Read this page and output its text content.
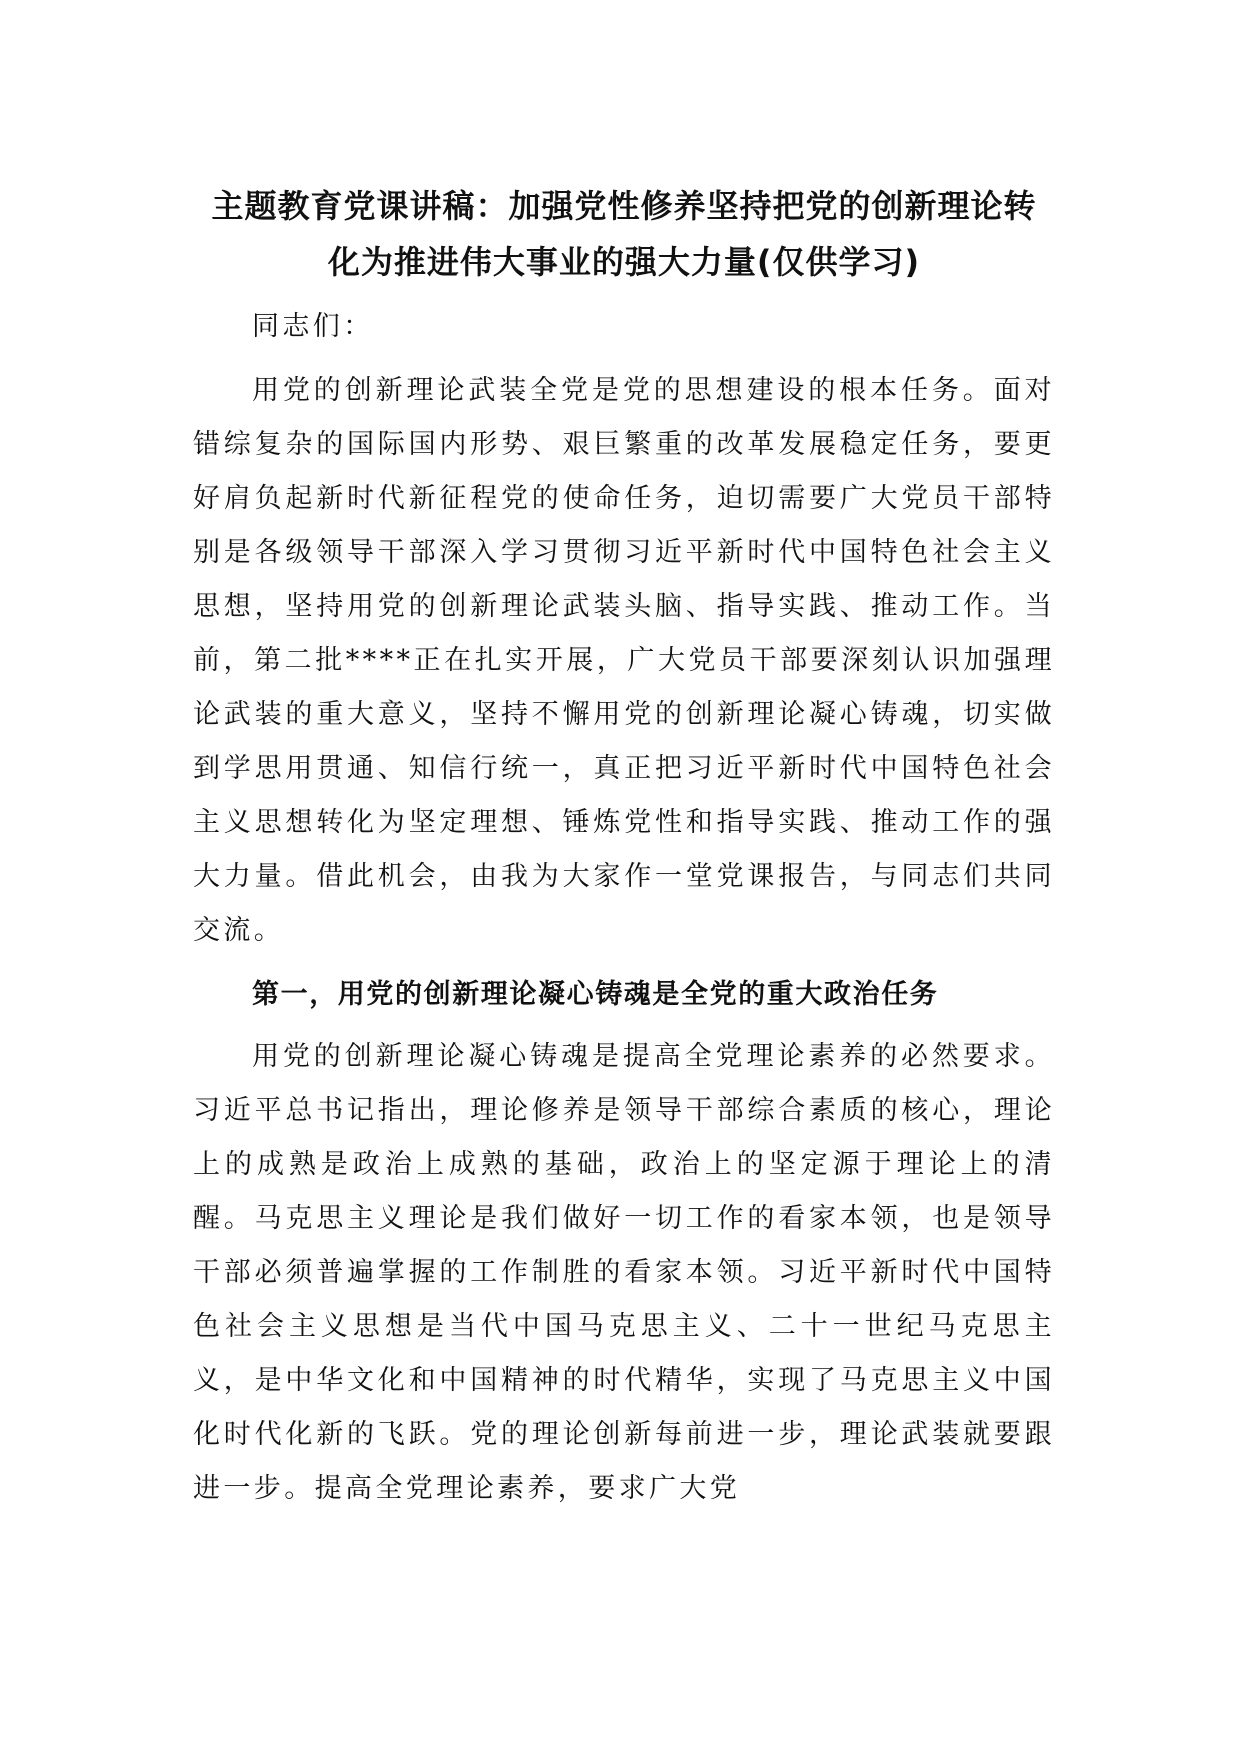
主题教育党课讲稿：加强党性修养坚持把党的创新理论转
化为推进伟大事业的强大力量(仅供学习)

同志们：

用党的创新理论武装全党是党的思想建设的根本任务。面对错综复杂的国际国内形势、艰巨繁重的改革发展稳定任务，要更好肩负起新时代新征程党的使命任务，迫切需要广大党员干部特别是各级领导干部深入学习贯彻习近平新时代中国特色社会主义思想，坚持用党的创新理论武装头脑、指导实践、推动工作。当前，第二批****正在扎实开展，广大党员干部要深刻认识加强理论武装的重大意义，坚持不懈用党的创新理论凝心铸魂，切实做到学思用贯通、知信行统一，真正把习近平新时代中国特色社会主义思想转化为坚定理想、锤炼党性和指导实践、推动工作的强大力量。借此机会，由我为大家作一堂党课报告，与同志们共同交流。

第一，用党的创新理论凝心铸魂是全党的重大政治任务

用党的创新理论凝心铸魂是提高全党理论素养的必然要求。习近平总书记指出，理论修养是领导干部综合素质的核心，理论上的成熟是政治上成熟的基础，政治上的坚定源于理论上的清醒。马克思主义理论是我们做好一切工作的看家本领，也是领导干部必须普遍掌握的工作制胜的看家本领。习近平新时代中国特色社会主义思想是当代中国马克思主义、二十一世纪马克思主义，是中华文化和中国精神的时代精华，实现了马克思主义中国化时代化新的飞跃。党的理论创新每前进一步，理论武装就要跟进一步。提高全党理论素养，要求广大党
